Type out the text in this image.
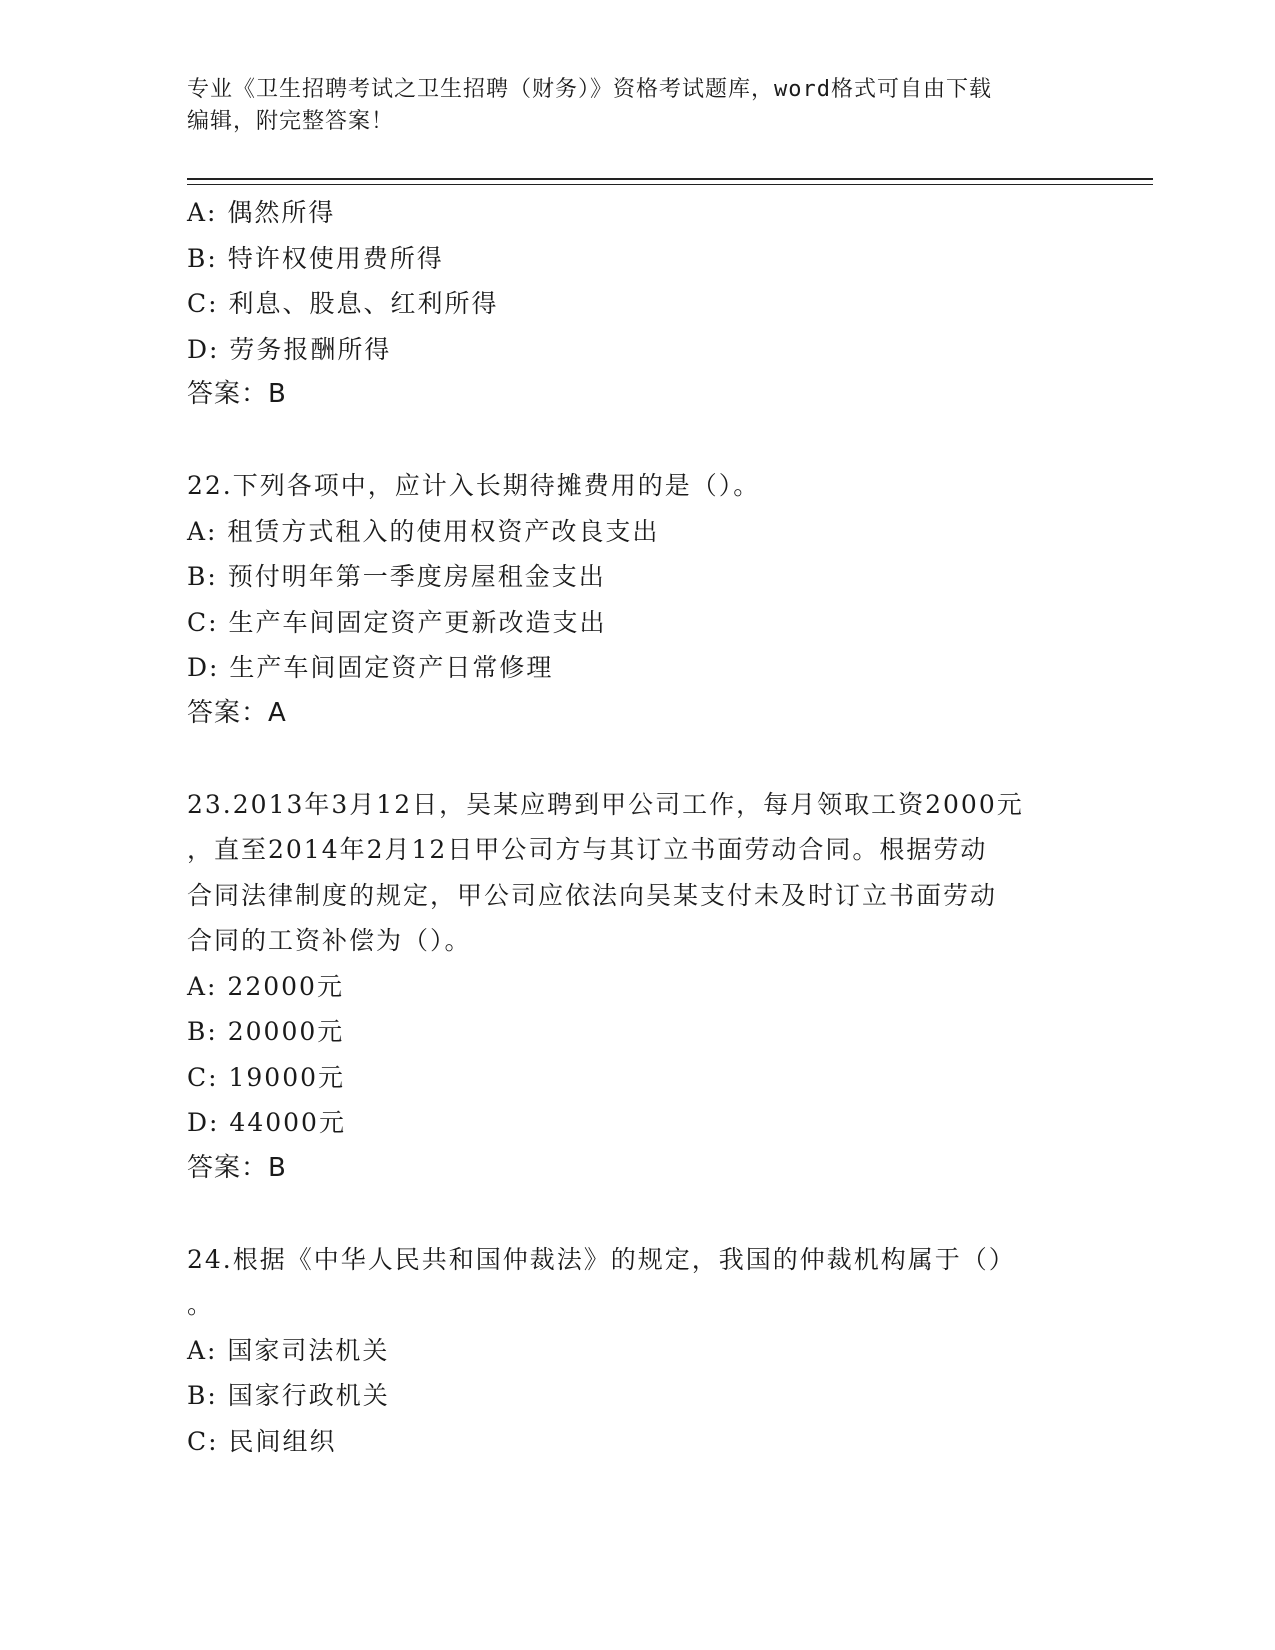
专业《卫生招聘考试之卫生招聘（财务）》资格考试题库，word格式可自由下载
编辑，附完整答案！
A: 偶然所得
B: 特许权使用费所得
C: 利息、股息、红利所得
D: 劳务报酬所得
答案：B
22.下列各项中，应计入长期待摊费用的是（）。
A: 租赁方式租入的使用权资产改良支出
B: 预付明年第一季度房屋租金支出
C: 生产车间固定资产更新改造支出
D: 生产车间固定资产日常修理
答案：A
23.2013年3月12日，吴某应聘到甲公司工作，每月领取工资2000元
，直至2014年2月12日甲公司方与其订立书面劳动合同。根据劳动
合同法律制度的规定，甲公司应依法向吴某支付未及时订立书面劳动
合同的工资补偿为（）。
A: 22000元
B: 20000元
C: 19000元
D: 44000元
答案：B
24.根据《中华人民共和国仲裁法》的规定，我国的仲裁机构属于（）
。
A: 国家司法机关
B: 国家行政机关
C: 民间组织
